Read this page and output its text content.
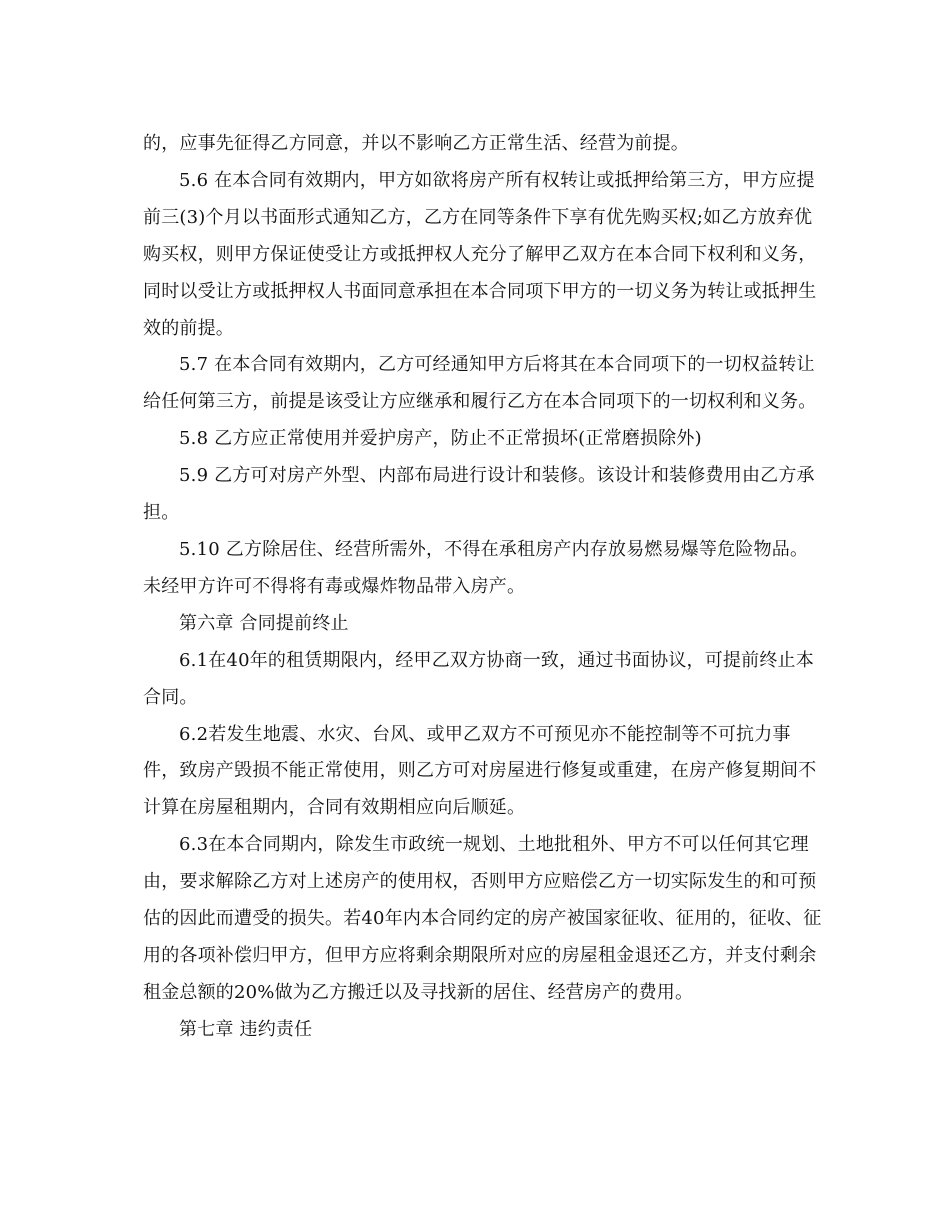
的，应事先征得乙方同意，并以不影响乙方正常生活、经营为前提。

5.6 在本合同有效期内，甲方如欲将房产所有权转让或抵押给第三方，甲方应提前三(3)个月以书面形式通知乙方，乙方在同等条件下享有优先购买权;如乙方放弃优购买权，则甲方保证使受让方或抵押权人充分了解甲乙双方在本合同下权利和义务，同时以受让方或抵押权人书面同意承担在本合同项下甲方的一切义务为转让或抵押生效的前提。

5.7 在本合同有效期内，乙方可经通知甲方后将其在本合同项下的一切权益转让给任何第三方，前提是该受让方应继承和履行乙方在本合同项下的一切权利和义务。

5.8 乙方应正常使用并爱护房产，防止不正常损坏(正常磨损除外)

5.9 乙方可对房产外型、内部布局进行设计和装修。该设计和装修费用由乙方承担。

5.10 乙方除居住、经营所需外，不得在承租房产内存放易燃易爆等危险物品。未经甲方许可不得将有毒或爆炸物品带入房产。

第六章 合同提前终止

6.1在40年的租赁期限内，经甲乙双方协商一致，通过书面协议，可提前终止本合同。

6.2若发生地震、水灾、台风、或甲乙双方不可预见亦不能控制等不可抗力事件，致房产毁损不能正常使用，则乙方可对房屋进行修复或重建，在房产修复期间不计算在房屋租期内，合同有效期相应向后顺延。

6.3在本合同期内，除发生市政统一规划、土地批租外、甲方不可以任何其它理由，要求解除乙方对上述房产的使用权，否则甲方应赔偿乙方一切实际发生的和可预估的因此而遭受的损失。若40年内本合同约定的房产被国家征收、征用的，征收、征用的各项补偿归甲方，但甲方应将剩余期限所对应的房屋租金退还乙方，并支付剩余租金总额的20%做为乙方搬迁以及寻找新的居住、经营房产的费用。

第七章 违约责任
